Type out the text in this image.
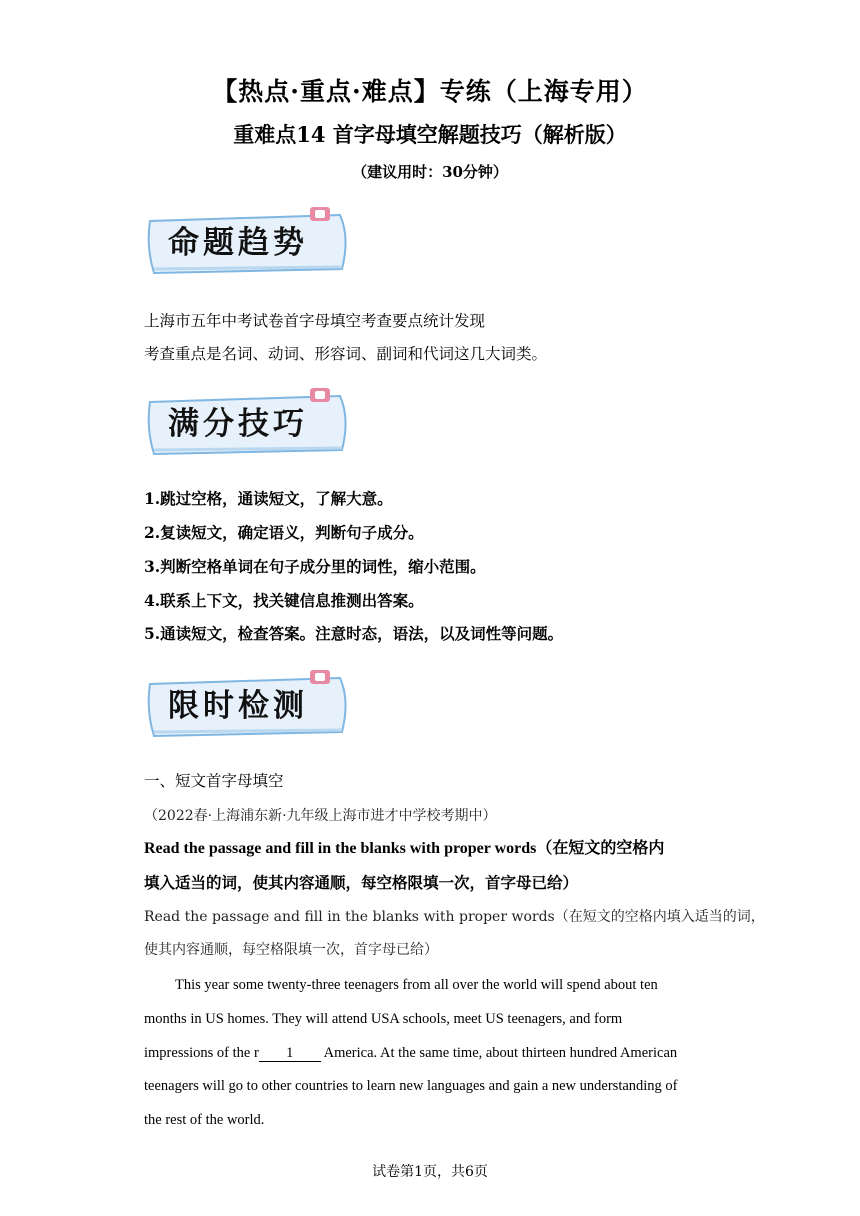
【热点·重点·难点】专练（上海专用）
重难点14 首字母填空解题技巧（解析版）
（建议用时：30分钟）
命题趋势
上海市五年中考试卷首字母填空考查要点统计发现
考查重点是名词、动词、形容词、副词和代词这几大词类。
满分技巧
1.跳过空格，通读短文，了解大意。
2.复读短文，确定语义，判断句子成分。
3.判断空格单词在句子成分里的词性，缩小范围。
4.联系上下文，找关键信息推测出答案。
5.通读短文，检查答案。注意时态，语法，以及词性等问题。
限时检测
一、短文首字母填空
（2022春·上海浦东新·九年级上海市进才中学校考期中）
Read the passage and fill in the blanks with proper words（在短文的空格内
填入适当的词，使其内容通顺，每空格限填一次，首字母已给）
Read the passage and fill in the blanks with proper words（在短文的空格内填入适当的词，
使其内容通顺，每空格限填一次，首字母已给）
This year some twenty-three teenagers from all over the world will spend about ten
months in US homes. They will attend USA schools, meet US teenagers, and form
impressions of the r 1 America. At the same time, about thirteen hundred American
teenagers will go to other countries to learn new languages and gain a new understanding of
the rest of the world.
试卷第1页，共6页
